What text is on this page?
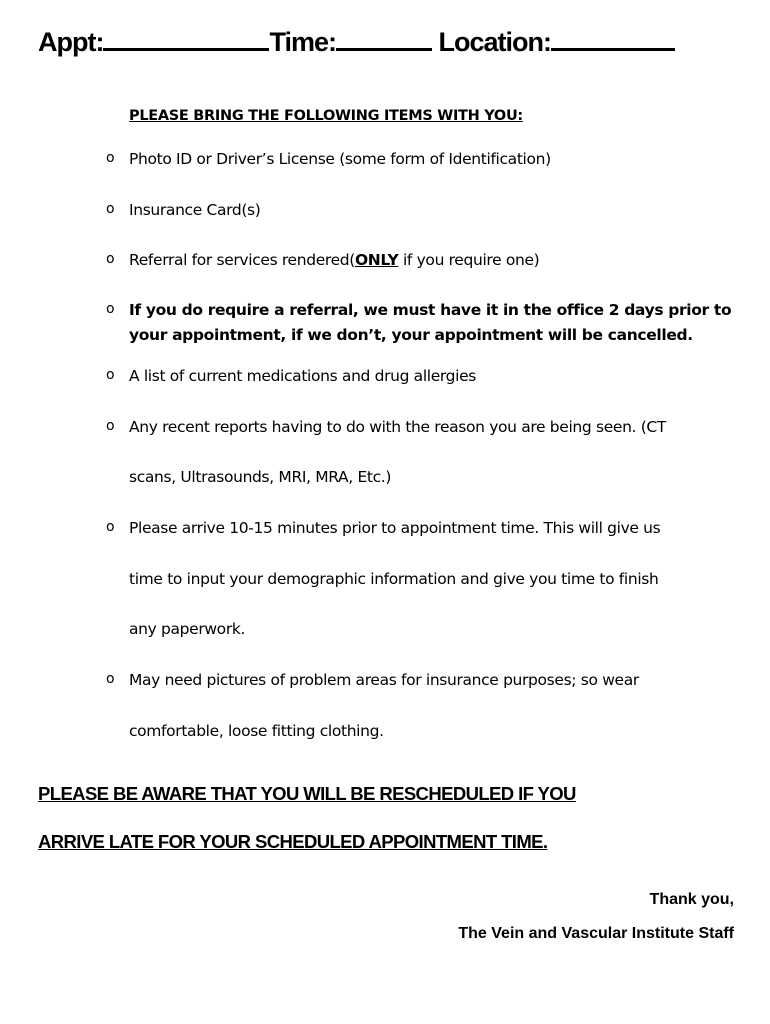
Appt:	Time:	Location:
PLEASE BRING THE FOLLOWING ITEMS WITH YOU:
o Photo ID or Driver’s License (some form of Identification)
o Insurance Card(s)
o Referral for services rendered(ONLY if you require one)
o If you do require a referral, we must have it in the office 2 days prior to
your appointment, if we don’t, your appointment will be cancelled.
o A list of current medications and drug allergies
o Any recent reports having to do with the reason you are being seen. (CT
scans, Ultrasounds, MRI, MRA, Etc.)
o Please arrive 10-15 minutes prior to appointment time. This will give us
time to input your demographic information and give you time to finish
any paperwork.
o May need pictures of problem areas for insurance purposes; so wear
comfortable, loose fitting clothing.
PLEASE BE AWARE THAT YOU WILL BE RESCHEDULED IF YOU
ARRIVE LATE FOR YOUR SCHEDULED APPOINTMENT TIME.
Thank you,
The Vein and Vascular Institute Staff
